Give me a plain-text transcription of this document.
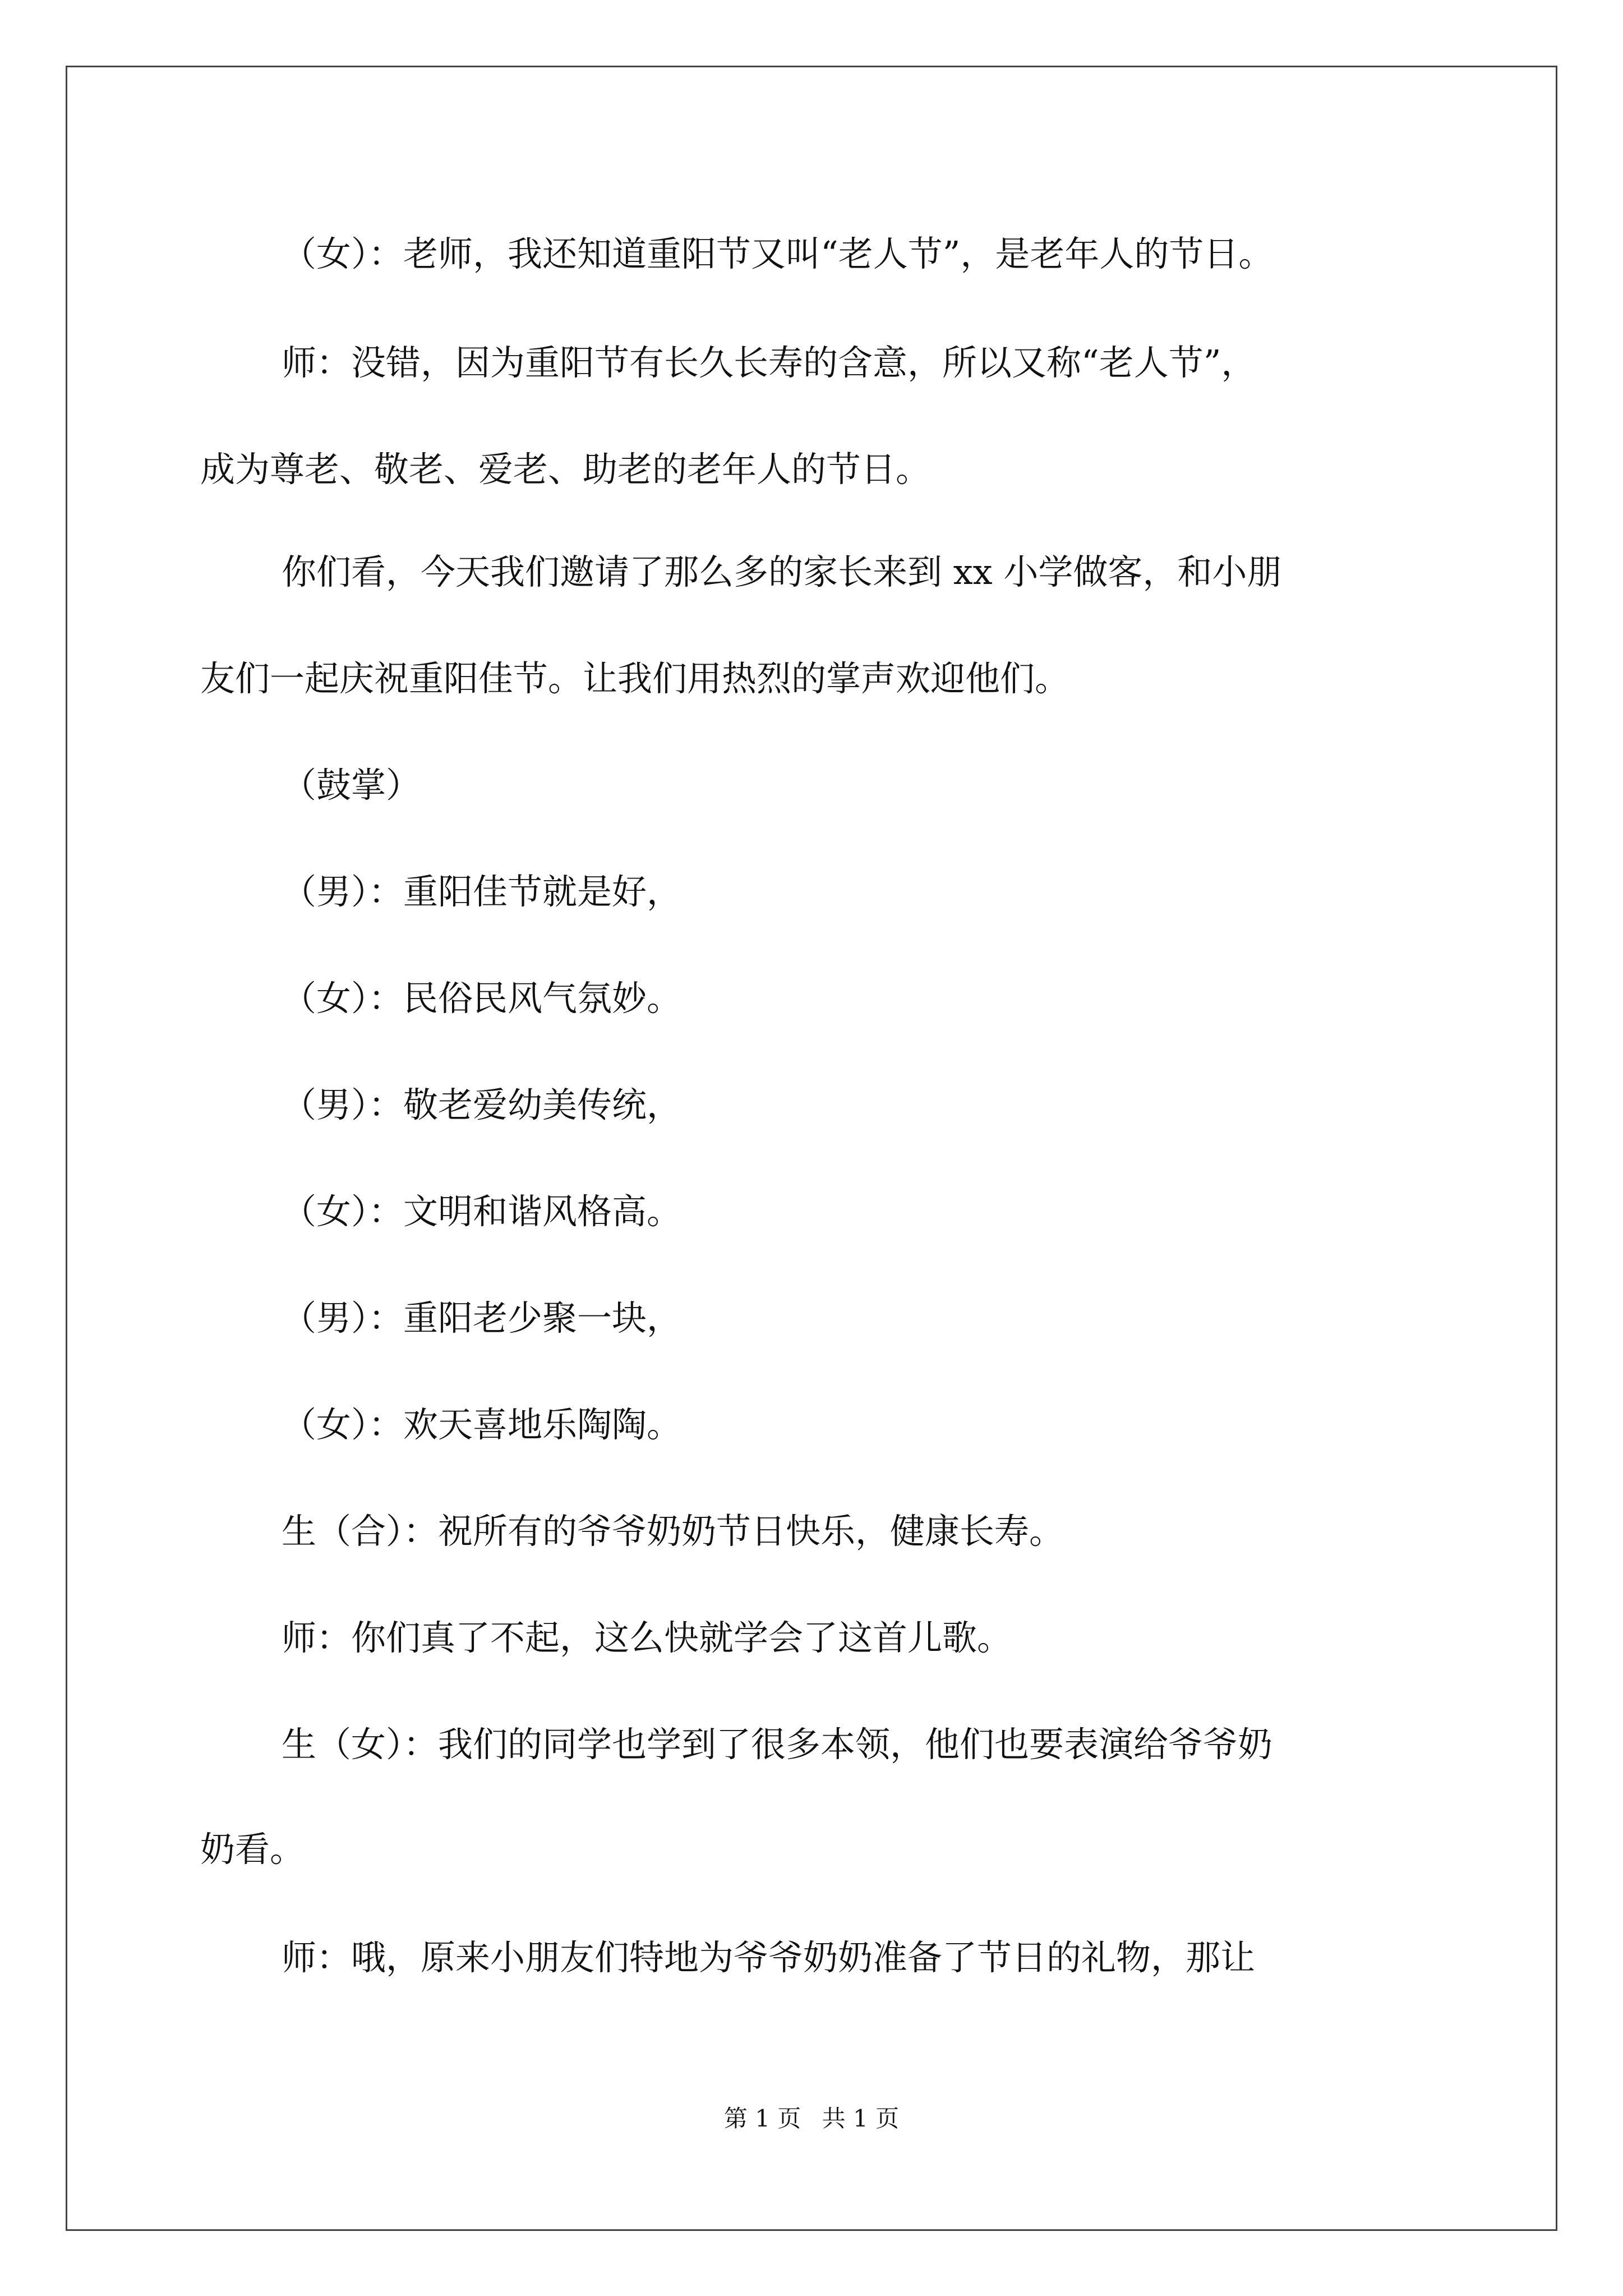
（女）：老师，我还知道重阳节又叫“老人节”，是老年人的节日。
师：没错，因为重阳节有长久长寿的含意，所以又称“老人节”，
成为尊老、敬老、爱老、助老的老年人的节日。
你们看，今天我们邀请了那么多的家长来到 xx 小学做客，和小朋
友们一起庆祝重阳佳节。让我们用热烈的掌声欢迎他们。
（鼓掌）
（男）：重阳佳节就是好，
（女）：民俗民风气氛妙。
（男）：敬老爱幼美传统，
（女）：文明和谐风格高。
（男）：重阳老少聚一块，
（女）：欢天喜地乐陶陶。
生（合）：祝所有的爷爷奶奶节日快乐，健康长寿。
师：你们真了不起，这么快就学会了这首儿歌。
生（女）：我们的同学也学到了很多本领，他们也要表演给爷爷奶
奶看。
师：哦，原来小朋友们特地为爷爷奶奶准备了节日的礼物，那让
第 1 页 共 1 页
